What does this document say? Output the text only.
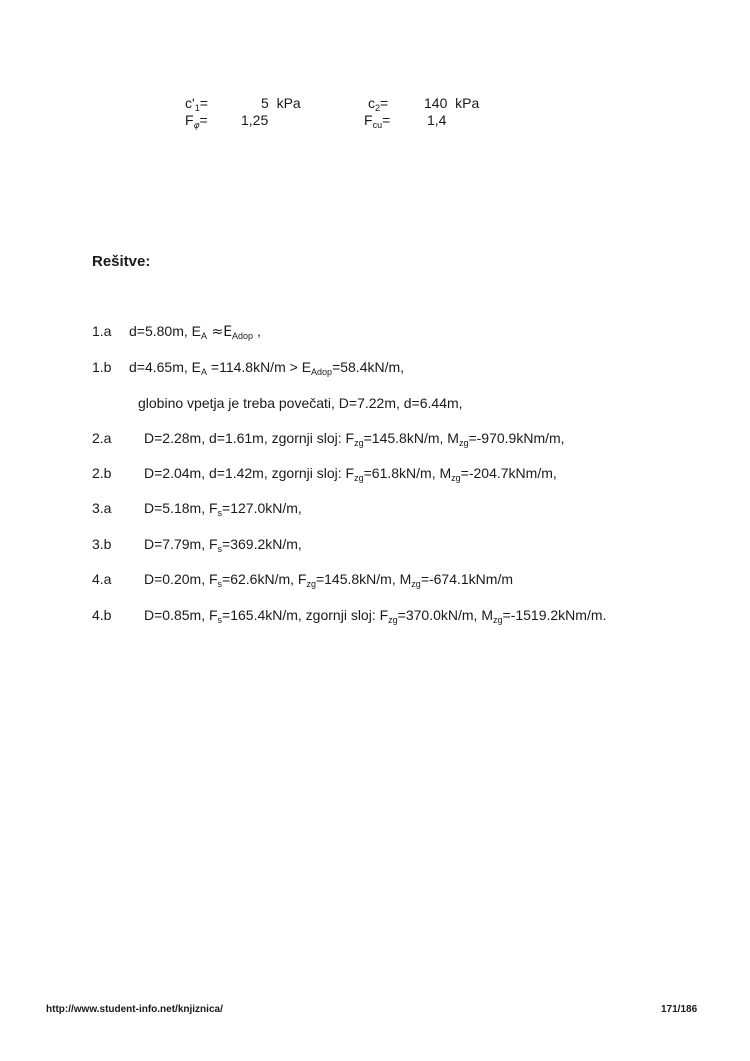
$c'_1=$	5 kPa	$c_2=$	140 kPa
$F_\varphi= 1,25$	$F_{cu}=$	1,4
Rešitve:
1.a d=5.80m, $E_A \approx E_{Adop}$ ,
1.b d=4.65m, $E_A =114.8kN/m > E_{Adop}=58.4kN/m$,
globino vpetja je treba povečati, D=7.22m, d=6.44m,
2.a D=2.28m, d=1.61m, zgornji sloj: $F_{zg}=145.8kN/m$, $M_{zg}=-970.9kNm/m$,
2.b D=2.04m, d=1.42m, zgornji sloj: $F_{zg}=61.8kN/m$, $M_{zg}=-204.7kNm/m$,
3.a D=5.18m, $F_s=127.0kN/m$,
3.b D=7.79m, $F_s=369.2kN/m$,
4.a D=0.20m, $F_s=62.6kN/m$, $F_{zg}=145.8kN/m$, $M_{zg}=-674.1kNm/m$
4.b D=0.85m, $F_s=165.4kN/m$, zgornji sloj: $F_{zg}=370.0kN/m$, $M_{zg}=-1519.2kNm/m$.
http://www.student-info.net/knjiznica/	171/186
